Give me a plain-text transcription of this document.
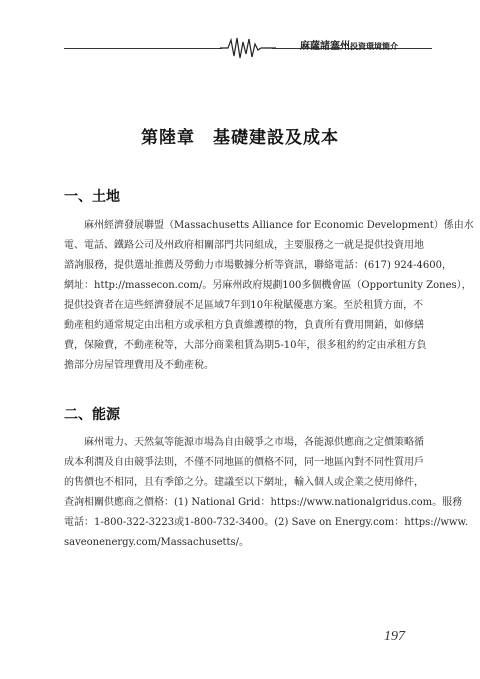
麻薩諸塞州投資環境簡介
第陸章　基礎建設及成本
一、土地
　　麻州經濟發展聯盟（Massachusetts Alliance for Economic Development）係由水
電、電話、鐵路公司及州政府相關部門共同組成，主要服務之一就是提供投資用地
諮詢服務，提供選址推薦及勞動力市場數據分析等資訊，聯絡電話：(617) 924-4600，
網址：http://massecon.com/。另麻州政府規劃100多個機會區（Opportunity Zones），
提供投資者在這些經濟發展不足區域7年到10年稅賦優惠方案。至於租賃方面，不
動產租約通常規定由出租方或承租方負責維護標的物，負責所有費用開銷，如修繕
費，保險費，不動產稅等，大部分商業租賃為期5-10年，很多租約約定由承租方負
擔部分房屋管理費用及不動產稅。
二、能源
　　麻州電力、天然氣等能源市場為自由競爭之市場，各能源供應商之定價策略循
成本利潤及自由競爭法則，不僅不同地區的價格不同，同一地區內對不同性質用戶
的售價也不相同，且有季節之分。建議至以下網址，輸入個人或企業之使用條件，
查詢相關供應商之價格：(1) National Grid：https://www.nationalgridus.com。服務
電話：1-800-322-3223或1-800-732-3400。(2) Save on Energy.com：https://www.
saveonenergy.com/Massachusetts/。
197
